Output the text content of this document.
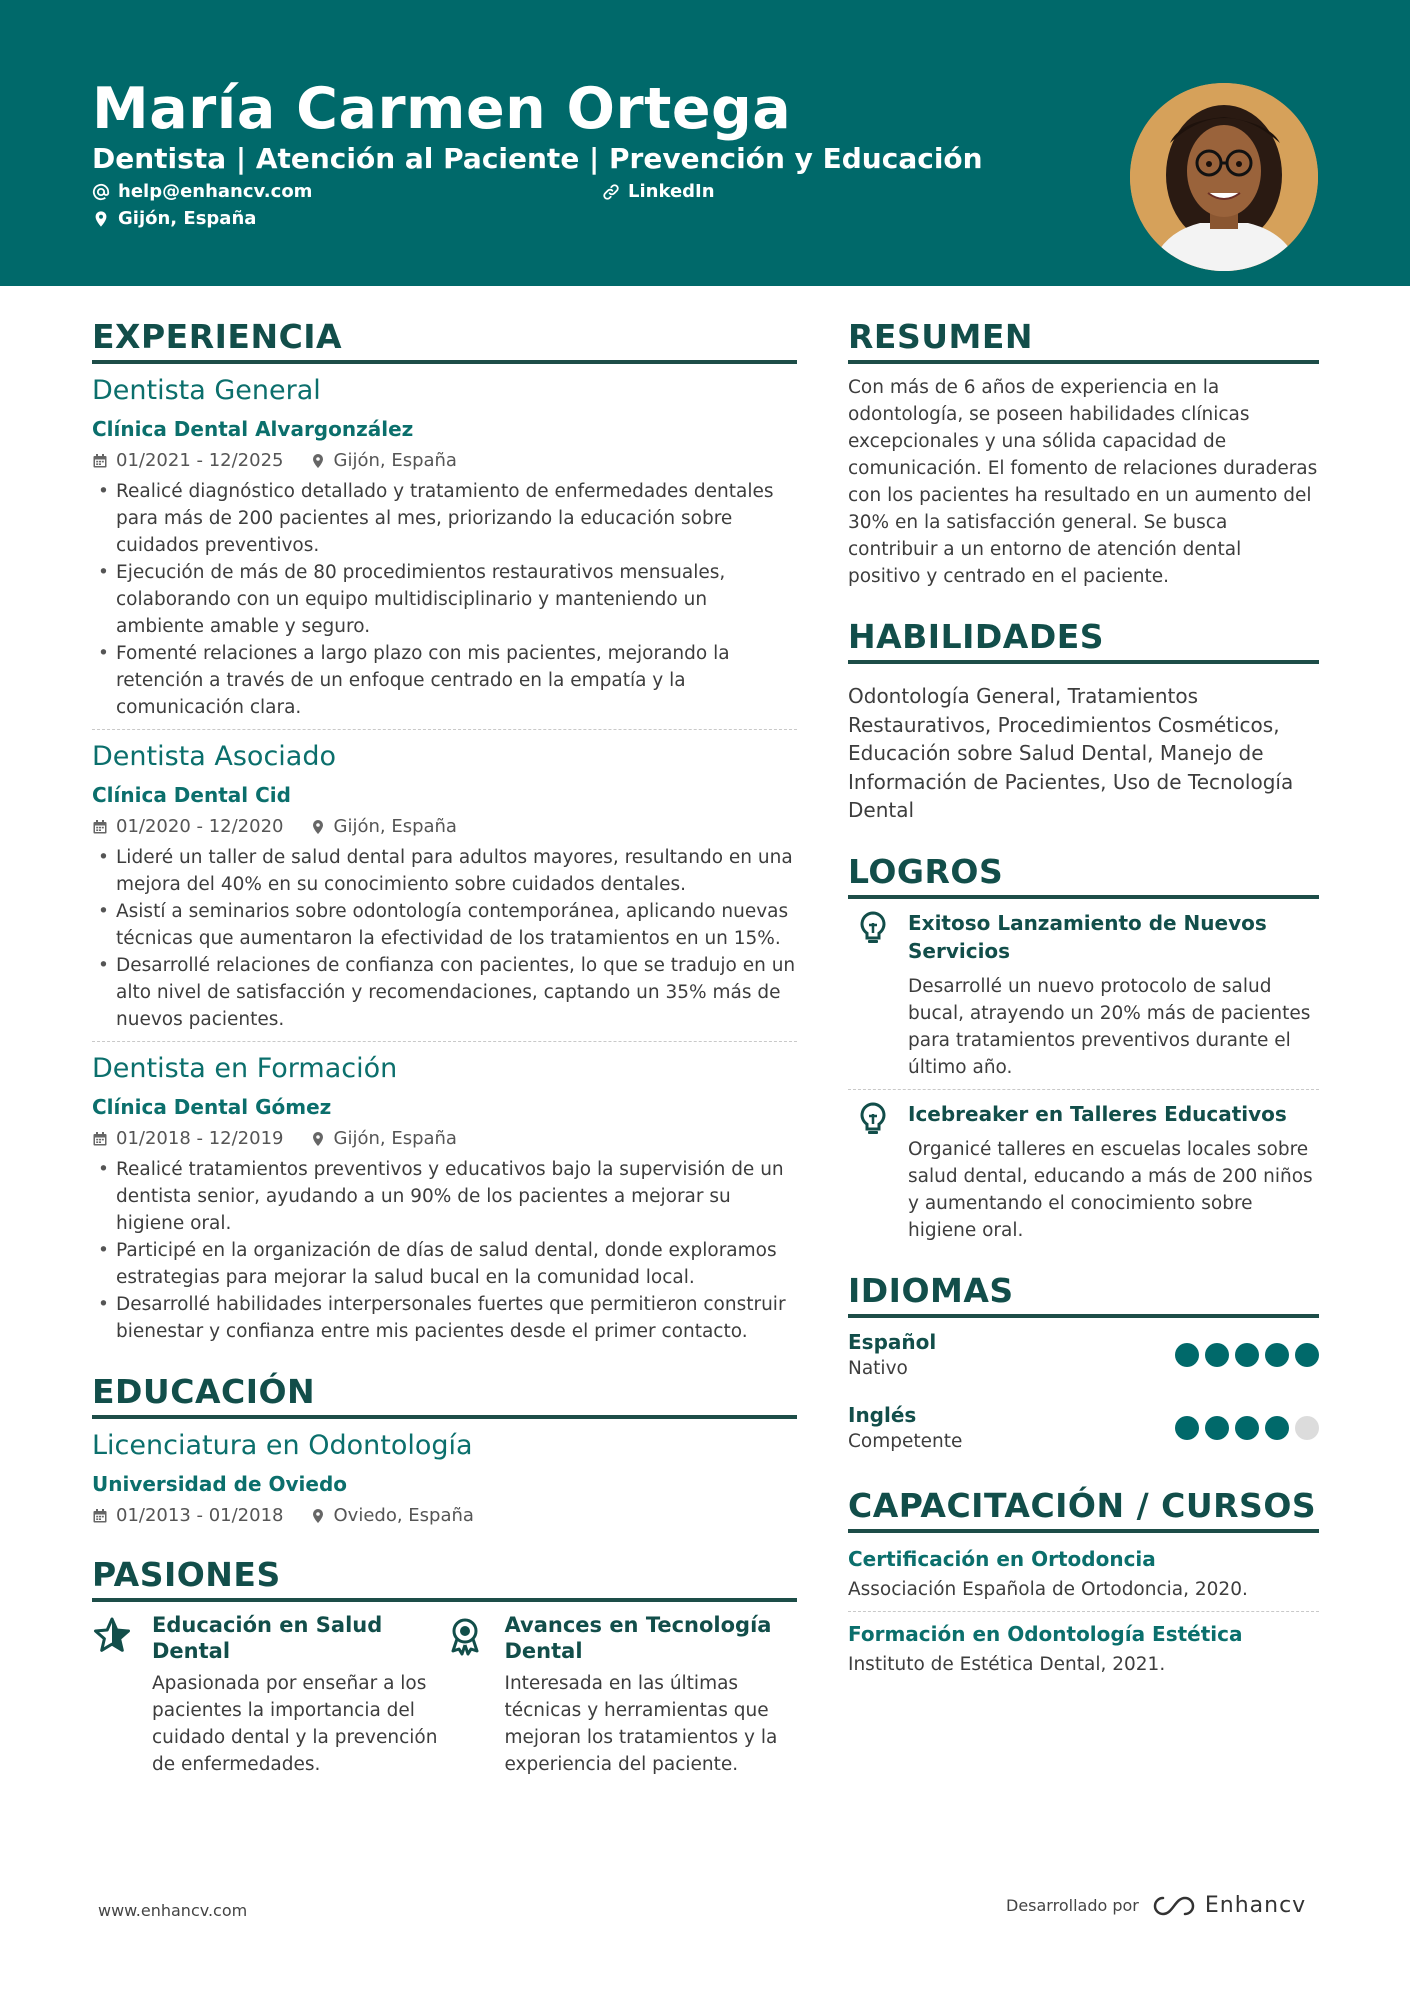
María Carmen Ortega
Dentista | Atención al Paciente | Prevención y Educación
help@enhancv.com	LinkedIn
Gijón, España
EXPERIENCIA
Dentista General
Clínica Dental Alvargonzález
01/2021 - 12/2025	Gijón, España
• Realicé diagnóstico detallado y tratamiento de enfermedades dentales para más de 200 pacientes al mes, priorizando la educación sobre cuidados preventivos.
• Ejecución de más de 80 procedimientos restaurativos mensuales, colaborando con un equipo multidisciplinario y manteniendo un ambiente amable y seguro.
• Fomenté relaciones a largo plazo con mis pacientes, mejorando la retención a través de un enfoque centrado en la empatía y la comunicación clara.
Dentista Asociado
Clínica Dental Cid
01/2020 - 12/2020	Gijón, España
• Lideré un taller de salud dental para adultos mayores, resultando en una mejora del 40% en su conocimiento sobre cuidados dentales.
• Asistí a seminarios sobre odontología contemporánea, aplicando nuevas técnicas que aumentaron la efectividad de los tratamientos en un 15%.
• Desarrollé relaciones de confianza con pacientes, lo que se tradujo en un alto nivel de satisfacción y recomendaciones, captando un 35% más de nuevos pacientes.
Dentista en Formación
Clínica Dental Gómez
01/2018 - 12/2019	Gijón, España
• Realicé tratamientos preventivos y educativos bajo la supervisión de un dentista senior, ayudando a un 90% de los pacientes a mejorar su higiene oral.
• Participé en la organización de días de salud dental, donde exploramos estrategias para mejorar la salud bucal en la comunidad local.
• Desarrollé habilidades interpersonales fuertes que permitieron construir bienestar y confianza entre mis pacientes desde el primer contacto.
EDUCACIÓN
Licenciatura en Odontología
Universidad de Oviedo
01/2013 - 01/2018	Oviedo, España
PASIONES
Educación en Salud Dental
Apasionada por enseñar a los pacientes la importancia del cuidado dental y la prevención de enfermedades.
Avances en Tecnología Dental
Interesada en las últimas técnicas y herramientas que mejoran los tratamientos y la experiencia del paciente.
RESUMEN
Con más de 6 años de experiencia en la odontología, se poseen habilidades clínicas excepcionales y una sólida capacidad de comunicación. El fomento de relaciones duraderas con los pacientes ha resultado en un aumento del 30% en la satisfacción general. Se busca contribuir a un entorno de atención dental positivo y centrado en el paciente.
HABILIDADES
Odontología General, Tratamientos Restaurativos, Procedimientos Cosméticos, Educación sobre Salud Dental, Manejo de Información de Pacientes, Uso de Tecnología Dental
LOGROS
Exitoso Lanzamiento de Nuevos Servicios
Desarrollé un nuevo protocolo de salud bucal, atrayendo un 20% más de pacientes para tratamientos preventivos durante el último año.
Icebreaker en Talleres Educativos
Organicé talleres en escuelas locales sobre salud dental, educando a más de 200 niños y aumentando el conocimiento sobre higiene oral.
IDIOMAS
Español
Nativo
Inglés
Competente
CAPACITACIÓN / CURSOS
Certificación en Ortodoncia
Associación Española de Ortodoncia, 2020.
Formación en Odontología Estética
Instituto de Estética Dental, 2021.
www.enhancv.com	Desarrollado por	Enhancv
